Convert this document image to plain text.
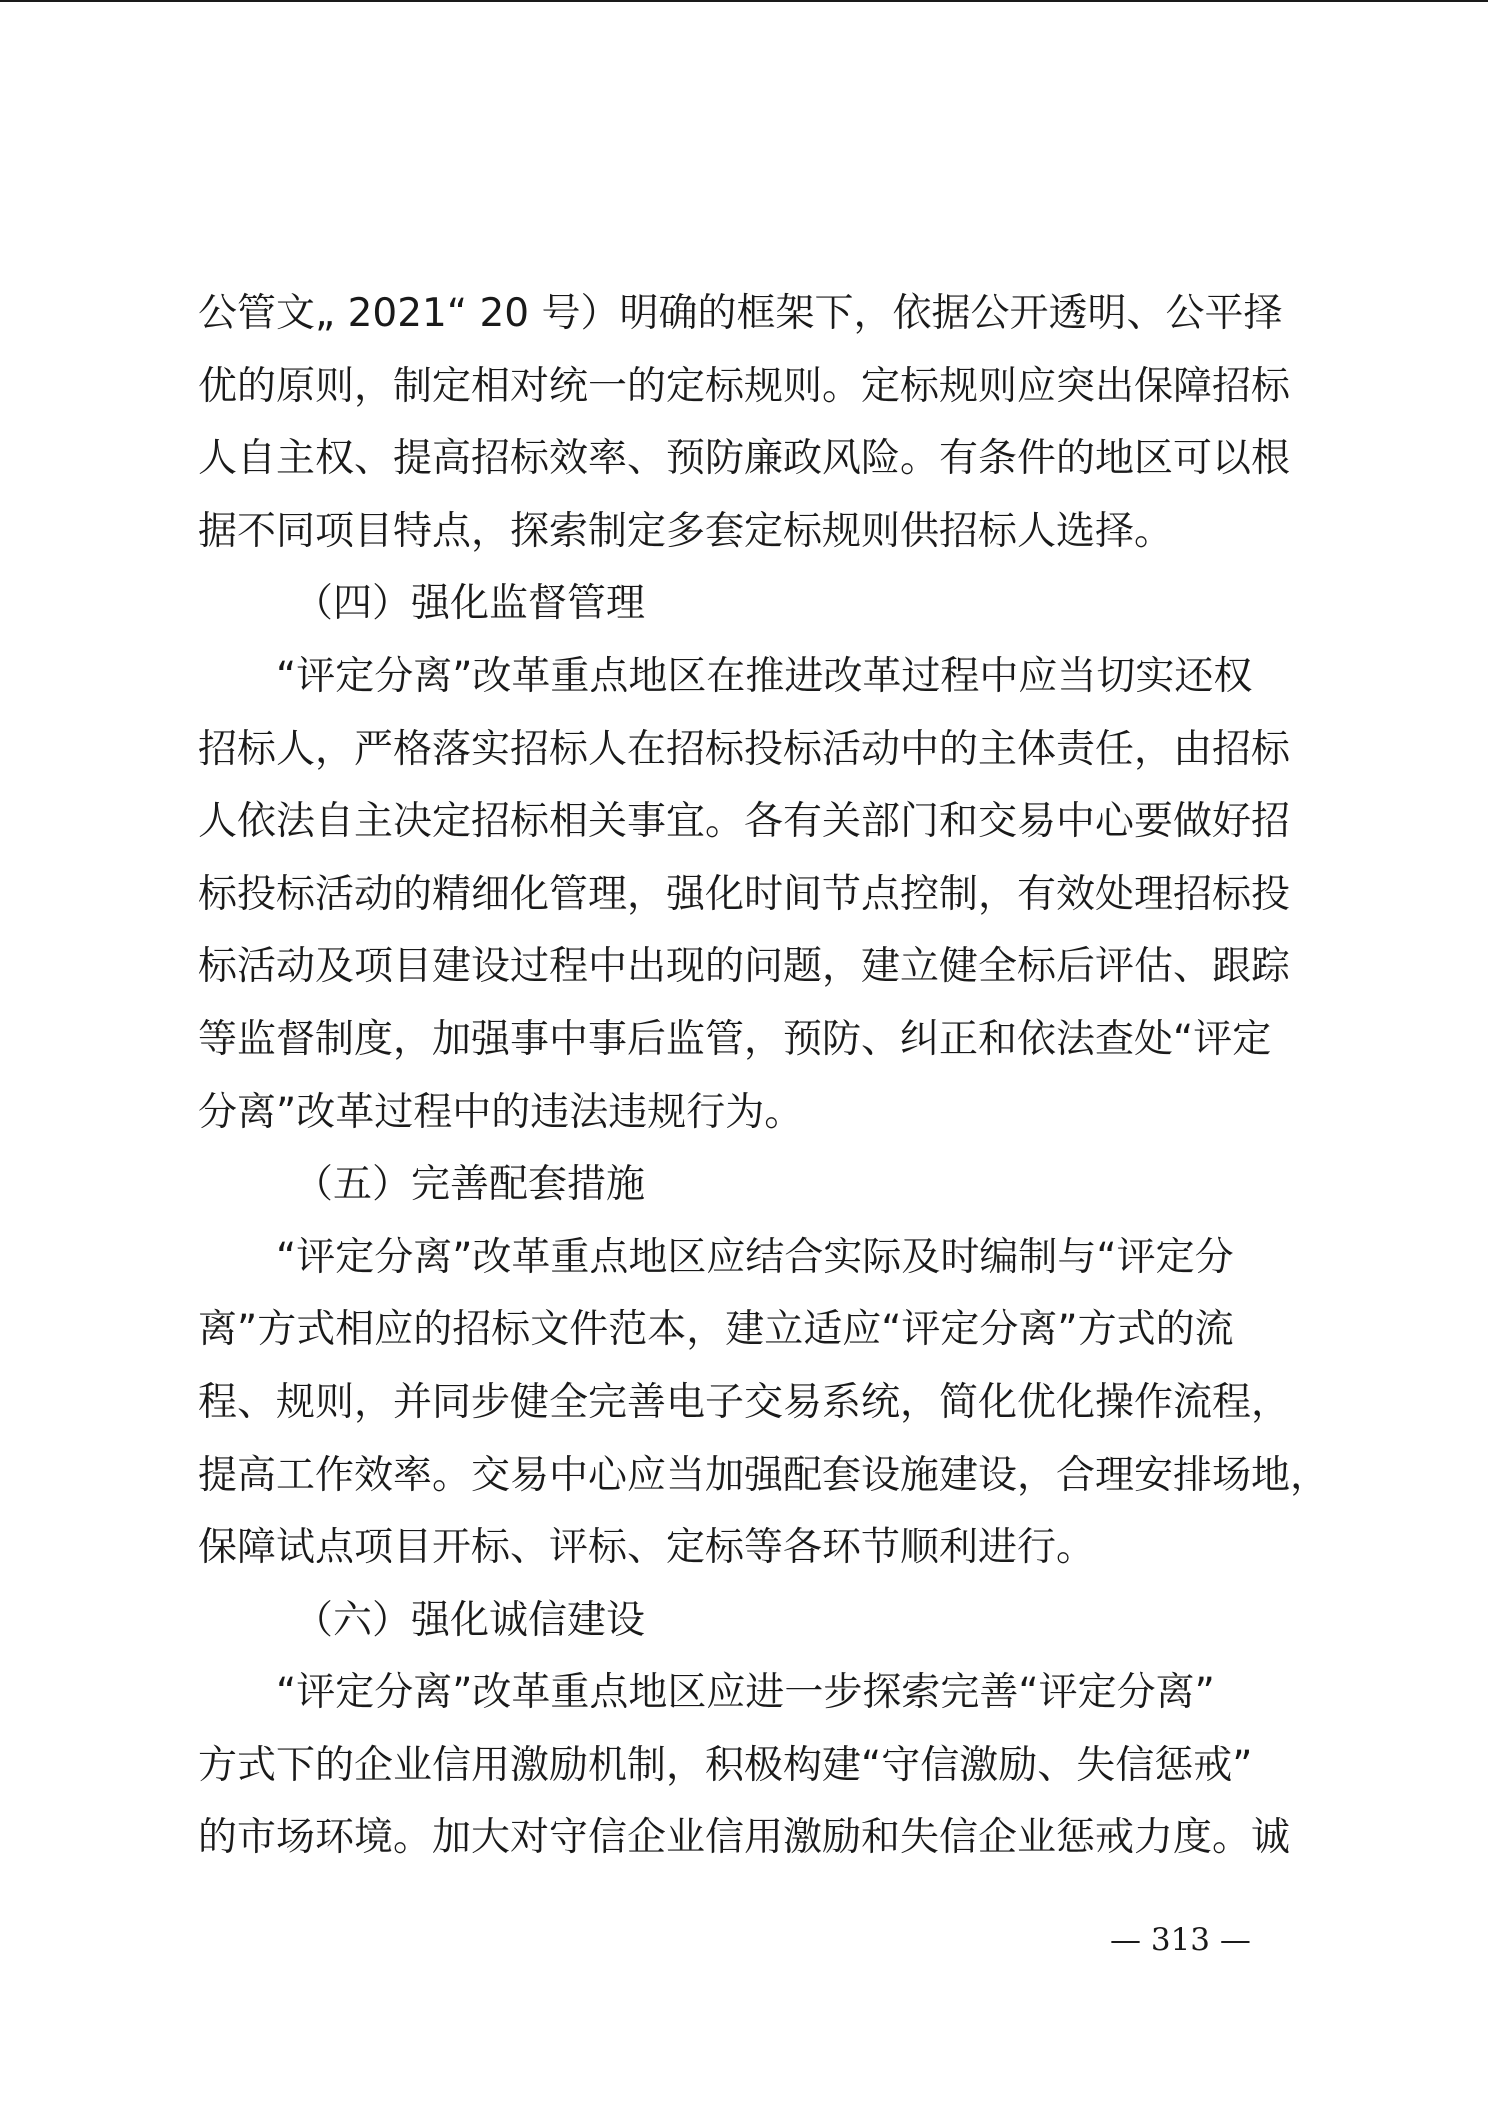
公管文„ 2021“ 20 号）明确的框架下，依据公开透明、公平择
优的原则，制定相对统一的定标规则。定标规则应突出保障招标
人自主权、提高招标效率、预防廉政风险。有条件的地区可以根
据不同项目特点，探索制定多套定标规则供招标人选择。
（四）强化监督管理
“评定分离”改革重点地区在推进改革过程中应当切实还权
招标人，严格落实招标人在招标投标活动中的主体责任，由招标
人依法自主决定招标相关事宜。各有关部门和交易中心要做好招
标投标活动的精细化管理，强化时间节点控制，有效处理招标投
标活动及项目建设过程中出现的问题，建立健全标后评估、跟踪
等监督制度，加强事中事后监管，预防、纠正和依法查处“评定
分离”改革过程中的违法违规行为。
（五）完善配套措施
“评定分离”改革重点地区应结合实际及时编制与“评定分
离”方式相应的招标文件范本，建立适应“评定分离”方式的流
程、规则，并同步健全完善电子交易系统，简化优化操作流程，
提高工作效率。交易中心应当加强配套设施建设，合理安排场地，
保障试点项目开标、评标、定标等各环节顺利进行。
（六）强化诚信建设
“评定分离”改革重点地区应进一步探索完善“评定分离”
方式下的企业信用激励机制，积极构建“守信激励、失信惩戒”
的市场环境。加大对守信企业信用激励和失信企业惩戒力度。诚
— 313 —
